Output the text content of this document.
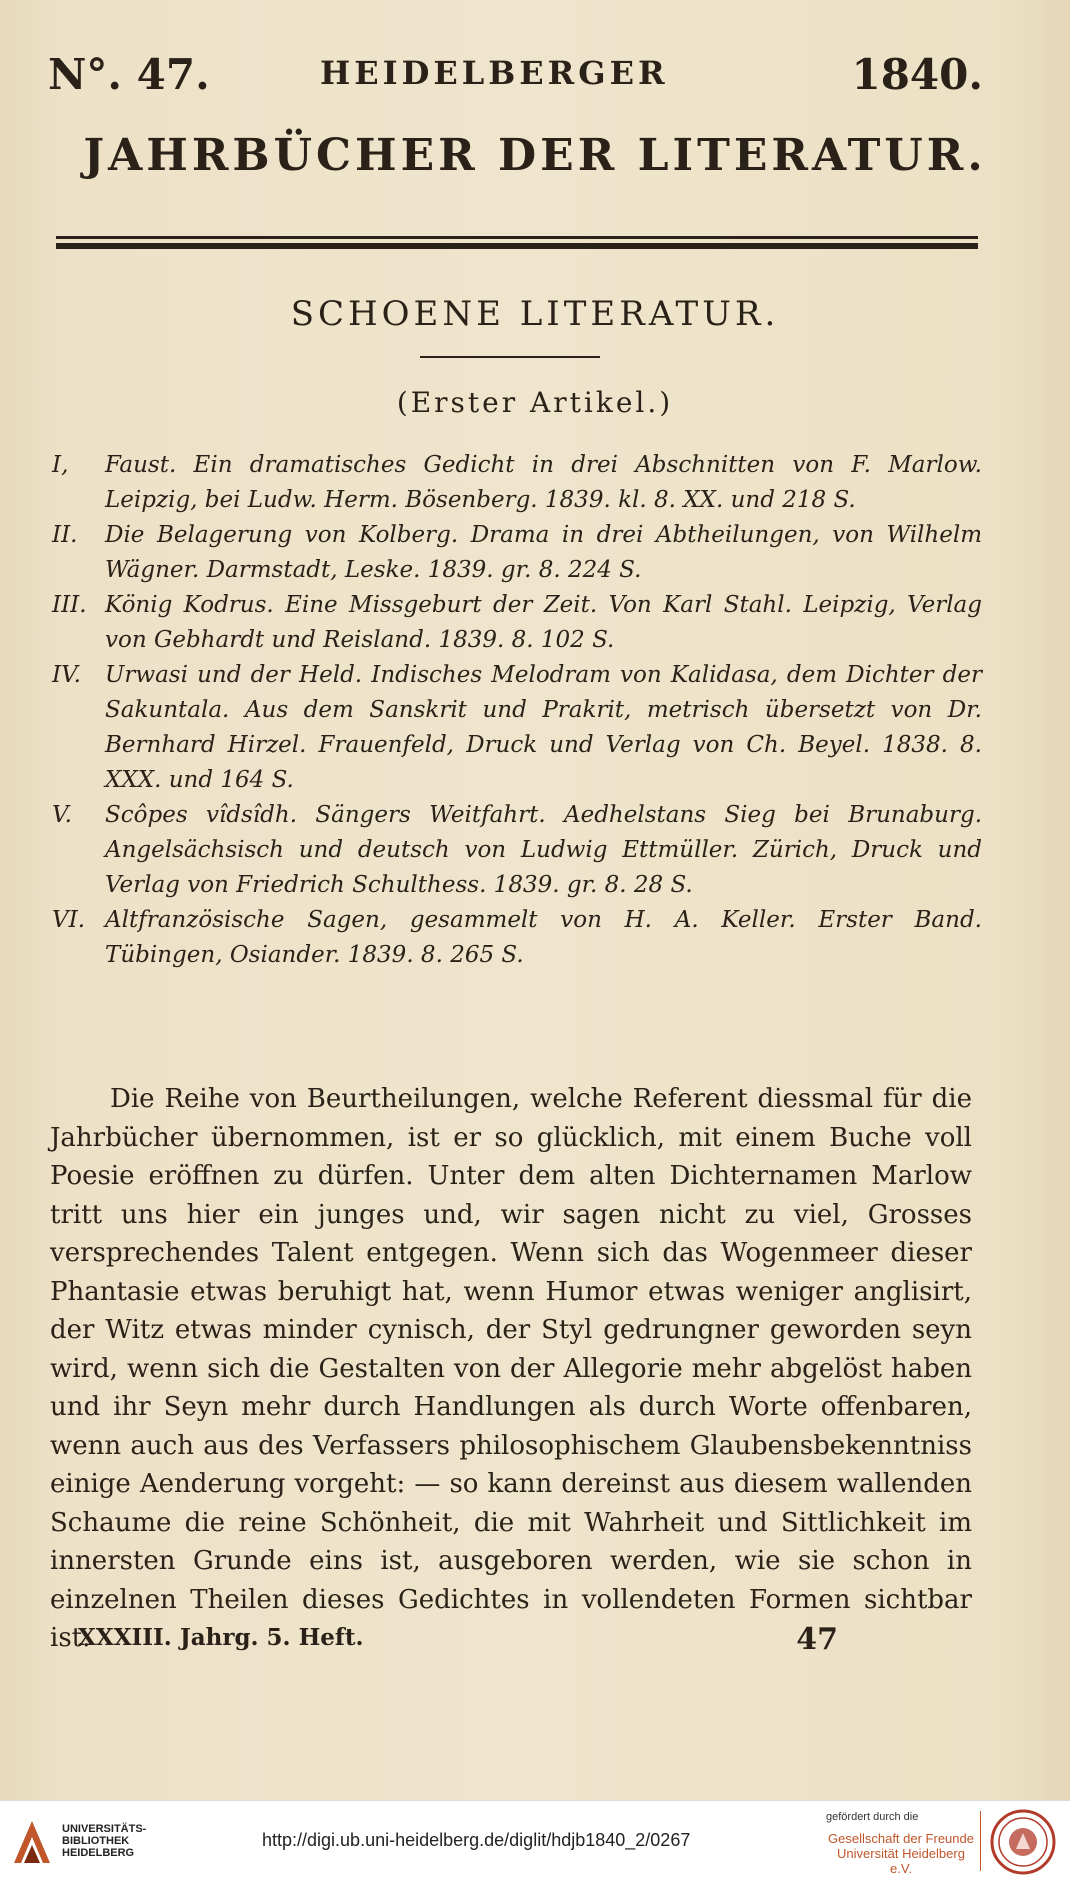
N°. 47.	HEIDELBERGER	1840.
JAHRBÜCHER DER LITERATUR.
SCHOENE LITERATUR.
(Erster Artikel.)
I, Faust. Ein dramatisches Gedicht in drei Abschnitten von F. Marlow. Leipzig, bei Ludw. Herm. Bösenberg. 1839. kl. 8. XX. und 218 S.
II. Die Belagerung von Kolberg. Drama in drei Abtheilungen, von Wilhelm Wägner. Darmstadt, Leske. 1839. gr. 8. 224 S.
III. König Kodrus. Eine Missgeburt der Zeit. Von Karl Stahl. Leipzig, Verlag von Gebhardt und Reisland. 1839. 8. 102 S.
IV. Urwasi und der Held. Indisches Melodram von Kalidasa, dem Dichter der Sakuntala. Aus dem Sanskrit und Prakrit, metrisch übersetzt von Dr. Bernhard Hirzel. Frauenfeld, Druck und Verlag von Ch. Beyel. 1838. 8. XXX. und 164 S.
V. Scôpes vîdsîdh. Sängers Weitfahrt. Aedhelstans Sieg bei Brunaburg. Angelsächsisch und deutsch von Ludwig Ettmüller. Zürich, Druck und Verlag von Friedrich Schulthess. 1839. gr. 8. 28 S.
VI. Altfranzösische Sagen, gesammelt von H. A. Keller. Erster Band. Tübingen, Osiander. 1839. 8. 265 S.

Die Reihe von Beurtheilungen, welche Referent diessmal für die Jahrbücher übernommen, ist er so glücklich, mit einem Buche voll Poesie eröffnen zu dürfen. Unter dem alten Dichternamen Marlow tritt uns hier ein junges und, wir sagen nicht zu viel, Grosses versprechendes Talent entgegen. Wenn sich das Wogenmeer dieser Phantasie etwas beruhigt hat, wenn Humor etwas weniger anglisirt, der Witz etwas minder cynisch, der Styl gedrungner geworden seyn wird, wenn sich die Gestalten von der Allegorie mehr abgelöst haben und ihr Seyn mehr durch Handlungen als durch Worte offenbaren, wenn auch aus des Verfassers philosophischem Glaubensbekenntniss einige Aenderung vorgeht: — so kann dereinst aus diesem wallenden Schaume die reine Schönheit, die mit Wahrheit und Sittlichkeit im innersten Grunde eins ist, ausgeboren werden, wie sie schon in einzelnen Theilen dieses Gedichtes in vollendeten Formen sichtbar ist.

XXXIII. Jahrg. 5. Heft.	47
UNIVERSITÄTS-
BIBLIOTHEK
HEIDELBERG
http://digi.ub.uni-heidelberg.de/diglit/hdjb1840_2/0267
gefördert durch die
Gesellschaft der Freunde
Universität Heidelberg e.V.
